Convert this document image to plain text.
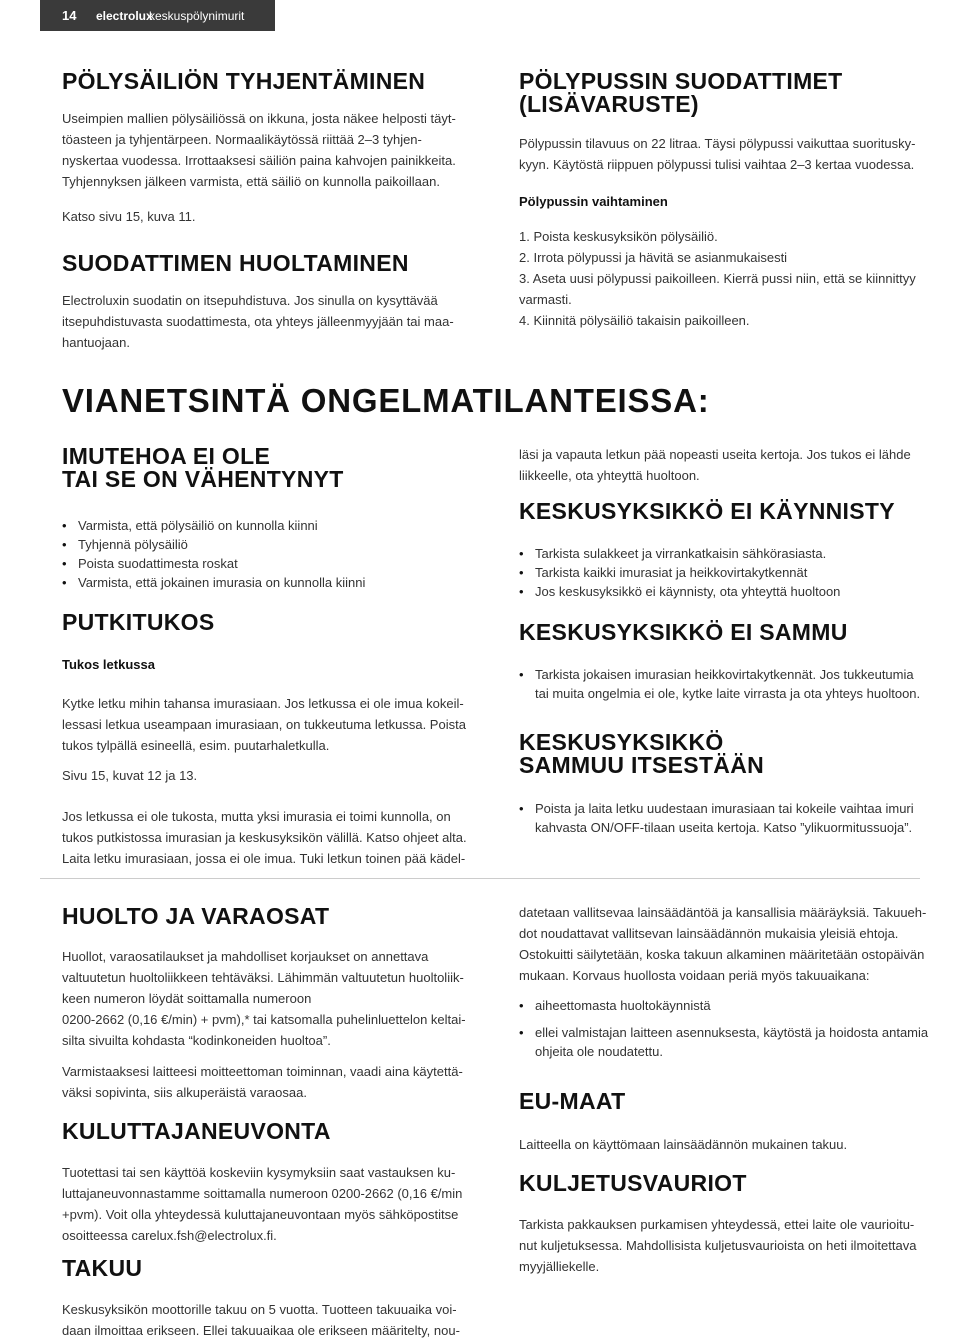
14 electrolux
keskuspölynimurit
PÖLYSÄILIÖN TYHJENTÄMINEN

Useimpien mallien pölysäiliössä on ikkuna, josta näkee helposti täyt-
töasteen ja tyhjentärpeen. Normaalikäytössä riittää 2–3 tyhjen-
nyskertaa vuodessa. Irrottaaksesi säiliön paina kahvojen painikkeita.
Tyhjennyksen jälkeen varmista, että säiliö on kunnolla paikoillaan.

Katso sivu 15, kuva 11.

SUODATTIMEN HUOLTAMINEN

Electroluxin suodatin on itsepuhdistuva. Jos sinulla on kysyttävää
itsepuhdistuvasta suodattimesta, ota yhteys jälleenmyyjään tai maa-
hantuojaan.

PÖLYPUSSIN SUODATTIMET
(LISÄVARUSTE)

Pölypussin tilavuus on 22 litraa. Täysi pölypussi vaikuttaa suoritusky-
kyyn. Käytöstä riippuen pölypussi tulisi vaihtaa 2–3 kertaa vuodessa.

Pölypussin vaihtaminen

1. Poista keskusyksikön pölysäiliö.
2. Irrota pölypussi ja hävitä se asianmukaisesti
3. Aseta uusi pölypussi paikoilleen. Kierrä pussi niin, että se kiinnittyy
varmasti.
4. Kiinnitä pölysäiliö takaisin paikoilleen.

VIANETSINTÄ ONGELMATILANTEISSA:
IMUTEHOA EI OLE
TAI SE ON VÄHENTYNYT
• Varmista, että pölysäiliö on kunnolla kiinni
• Tyhjennä pölysäiliö
• Poista suodattimesta roskat
• Varmista, että jokainen imurasia on kunnolla kiinni
PUTKITUKOS
Tukos letkussa

Kytke letku mihin tahansa imurasiaan. Jos letkussa ei ole imua kokeil-
lessasi letkua useampaan imurasiaan, on tukkeutuma letkussa. Poista
tukos tylpällä esineellä, esim. puutarhaletkulla.

Sivu 15, kuvat 12 ja 13.

Jos letkussa ei ole tukosta, mutta yksi imurasia ei toimi kunnolla, on
tukos putkistossa imurasian ja keskusyksikön välillä. Katso ohjeet alta.
Laita letku imurasiaan, jossa ei ole imua. Tuki letkun toinen pää kädel-

läsi ja vapauta letkun pää nopeasti useita kertoja. Jos tukos ei lähde
liikkeelle, ota yhteyttä huoltoon.

KESKUSYKSIKKÖ EI KÄYNNISTY
• Tarkista sulakkeet ja virrankatkaisin sähkörasiasta.
• Tarkista kaikki imurasiat ja heikkovirtakytkennät
• Jos keskusyksikkö ei käynnisty, ota yhteyttä huoltoon
KESKUSYKSIKKÖ EI SAMMU
• Tarkista jokaisen imurasian heikkovirtakytkennät. Jos tukkeutumia
tai muita ongelmia ei ole, kytke laite virrasta ja ota yhteys huoltoon.
KESKUSYKSIKKÖ
SAMMUU ITSESTÄÄN
• Poista ja laita letku uudestaan imurasiaan tai kokeile vaihtaa imuri
kahvasta ON/OFF-tilaan useita kertoja. Katso ”ylikuormitussuoja”.
HUOLTO JA VARAOSAT

Huollot, varaosatilaukset ja mahdolliset korjaukset on annettava
valtuutetun huoltoliikkeen tehtäväksi. Lähimmän valtuutetun huoltoliik-
keen numeron löydät soittamalla numeroon
0200-2662 (0,16 €/min) + pvm),* tai katsomalla puhelinluettelon keltai-
silta sivuilta kohdasta “kodinkoneiden huoltoa”.

Varmistaaksesi laitteesi moitteettoman toiminnan, vaadi aina käytettä-
väksi sopivinta, siis alkuperäistä varaosaa.

KULUTTAJANEUVONTA

Tuotettasi tai sen käyttöä koskeviin kysymyksiin saat vastauksen ku-
luttajaneuvonnastamme soittamalla numeroon 0200-2662 (0,16 €/min
+pvm). Voit olla yhteydessä kuluttajaneuvontaan myös sähköpostitse
osoitteessa carelux.fsh@electrolux.fi.

TAKUU

Keskusyksikön moottorille takuu on 5 vuotta. Tuotteen takuuaika voi-
daan ilmoittaa erikseen. Ellei takuuaikaa ole erikseen määritelty, nou-

datetaan vallitsevaa lainsäädäntöä ja kansallisia määräyksiä. Takuueh-
dot noudattavat vallitsevan lainsäädännön mukaisia yleisiä ehtoja.
Ostokuitti säilytetään, koska takuun alkaminen määritetään ostopäivän
mukaan. Korvaus huollosta voidaan periä myös takuuaikana:

• aiheettomasta huoltokäynnistä
• ellei valmistajan laitteen asennuksesta, käytöstä ja hoidosta antamia
ohjeita ole noudatettu.
EU-MAAT

Laitteella on käyttömaan lainsäädännön mukainen takuu.

KULJETUSVAURIOT

Tarkista pakkauksen purkamisen yhteydessä, ettei laite ole vaurioitu-
nut kuljetuksessa. Mahdollisista kuljetusvaurioista on heti ilmoitettava
myyjälliekelle.
